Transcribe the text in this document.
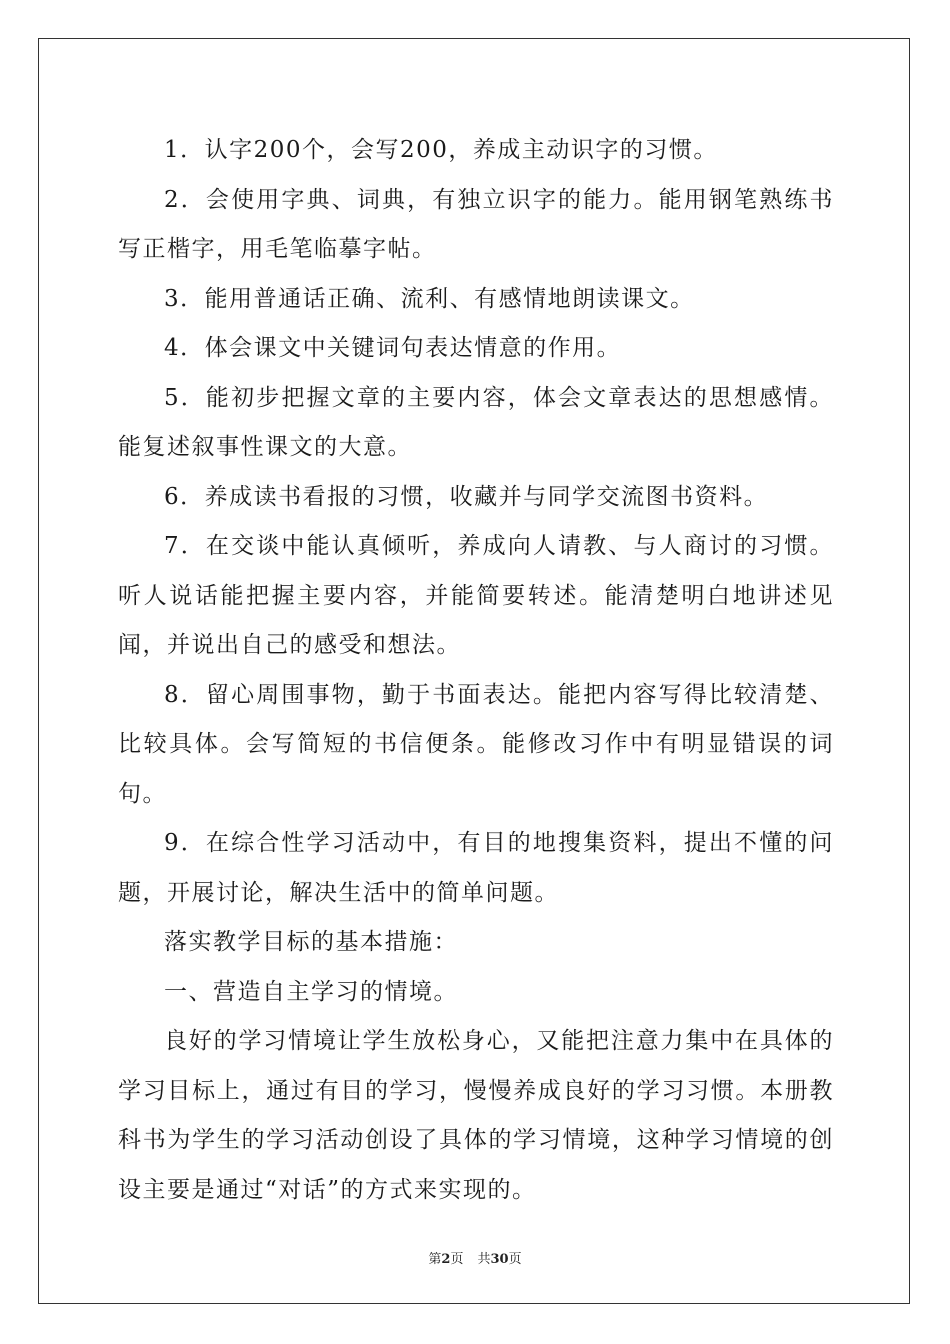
1．认字200个，会写200，养成主动识字的习惯。

2．会使用字典、词典，有独立识字的能力。能用钢笔熟练书写正楷字，用毛笔临摹字帖。

3．能用普通话正确、流利、有感情地朗读课文。

4．体会课文中关键词句表达情意的作用。

5．能初步把握文章的主要内容，体会文章表达的思想感情。能复述叙事性课文的大意。

6．养成读书看报的习惯，收藏并与同学交流图书资料。

7．在交谈中能认真倾听，养成向人请教、与人商讨的习惯。听人说话能把握主要内容，并能简要转述。能清楚明白地讲述见闻，并说出自己的感受和想法。

8．留心周围事物，勤于书面表达。能把内容写得比较清楚、比较具体。会写简短的书信便条。能修改习作中有明显错误的词句。

9．在综合性学习活动中，有目的地搜集资料，提出不懂的问题，开展讨论，解决生活中的简单问题。

落实教学目标的基本措施：

一、营造自主学习的情境。

良好的学习情境让学生放松身心，又能把注意力集中在具体的学习目标上，通过有目的学习，慢慢养成良好的学习习惯。本册教科书为学生的学习活动创设了具体的学习情境，这种学习情境的创设主要是通过“对话”的方式来实现的。

第2页 共30页
